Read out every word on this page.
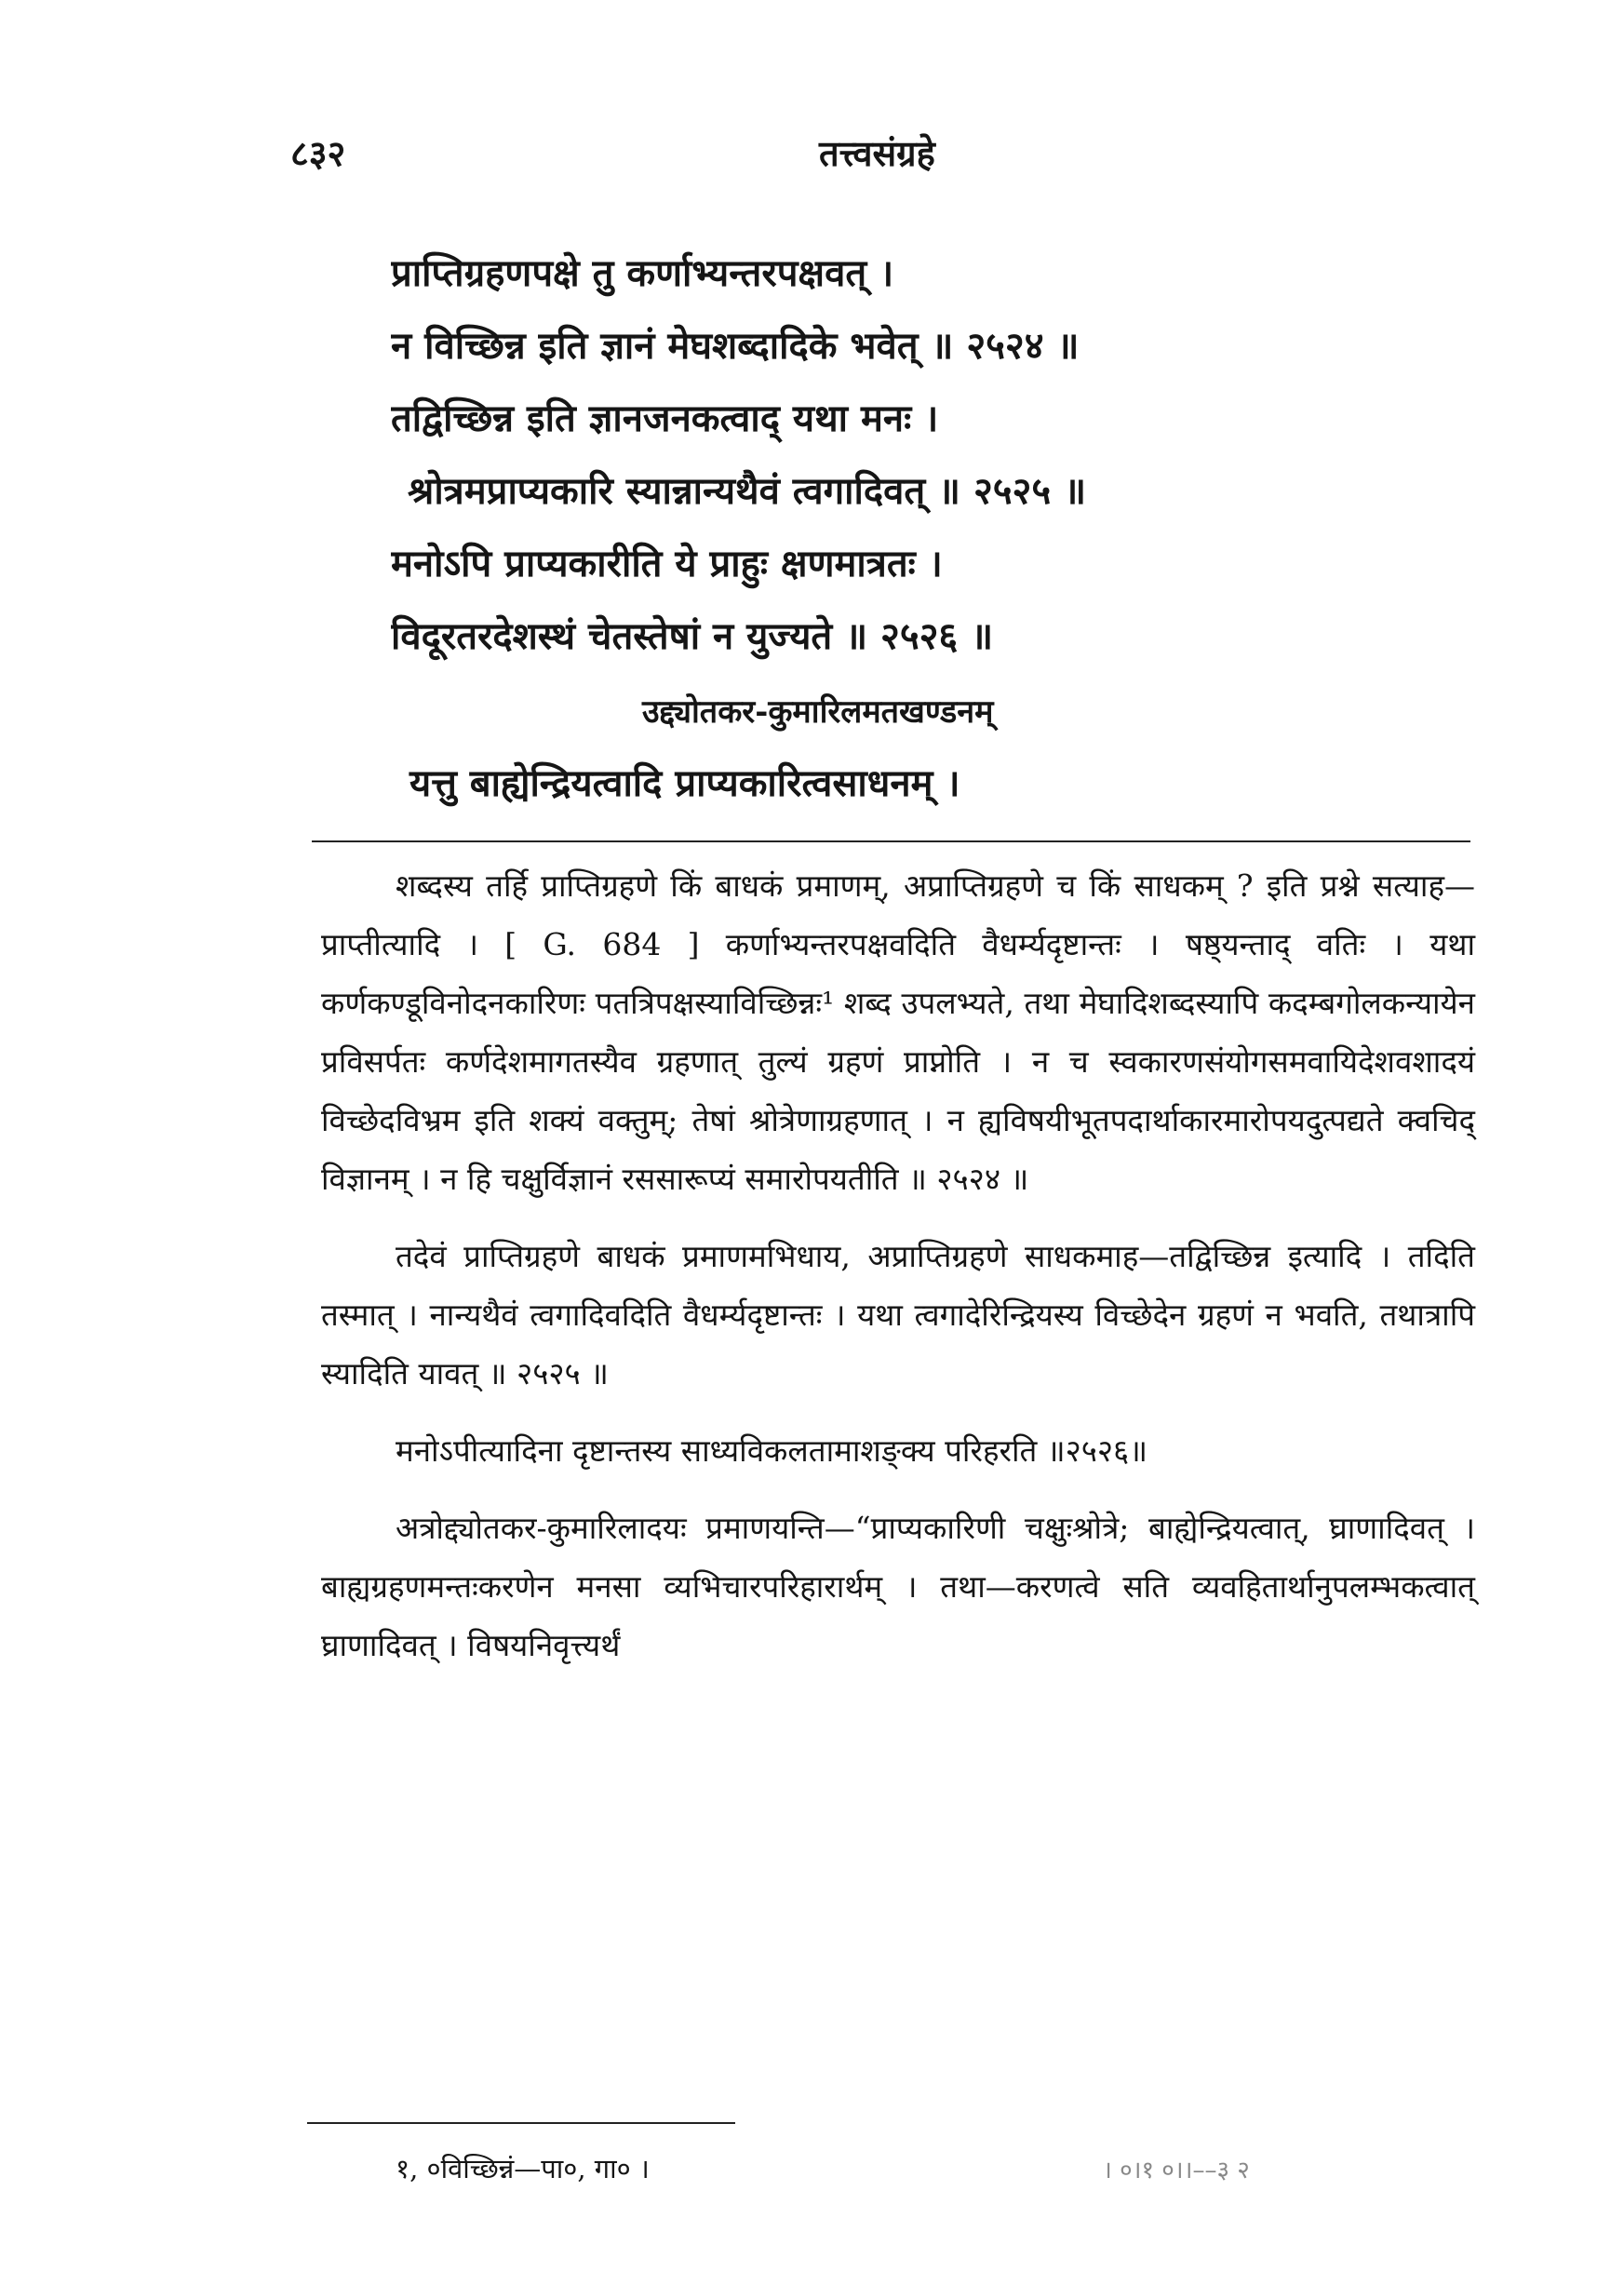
८३२	तत्त्वसंग्रहे
प्राप्तिग्रहणपक्षे तु कर्णाभ्यन्तरपक्षवत् ।
न विच्छिन्न इति ज्ञानं मेघशब्दादिके भवेत् ॥ २५२४ ॥
तद्विच्छिन्न इति ज्ञानजनकत्वाद् यथा मनः ।
श्रोत्रमप्राप्यकारि स्यान्नान्यथैवं त्वगादिवत् ॥ २५२५ ॥
मनोऽपि प्राप्यकारीति ये प्राहुः क्षणमात्रतः ।
विदूरतरदेशस्थं चेतस्तेषां न युज्यते ॥ २५२६ ॥
उद्द्योतकर-कुमारिलमतखण्डनम्
यत्तु बाह्येन्द्रियत्वादि प्राप्यकारित्वसाधनम् ।

शब्दस्य तर्हि प्राप्तिग्रहणे किं बाधकं प्रमाणम्, अप्राप्तिग्रहणे च किं साधकम् ? इति प्रश्ने सत्याह—प्राप्तीत्यादि । [ G. 684 ] कर्णाभ्यन्तरपक्षवदिति वैधर्म्यदृष्टान्तः । षष्ठ्यन्ताद् वतिः । यथा कर्णकण्डूविनोदनकारिणः पतत्रिपक्षस्याविच्छिन्नः¹ शब्द उपलभ्यते, तथा मेघादिशब्दस्यापि कदम्बगोलकन्यायेन प्रविसर्पतः कर्णदेशमागतस्यैव ग्रहणात् तुल्यं ग्रहणं प्राप्नोति । न च स्वकारणसंयोगसमवायिदेशवशादयं विच्छेदविभ्रम इति शक्यं वक्तुम्; तेषां श्रोत्रेणाग्रहणात् । न ह्यविषयीभूतपदार्थाकारमारोपयदुत्पद्यते क्वचिद् विज्ञानम् । न हि चक्षुर्विज्ञानं रससारूप्यं समारोपयतीति ॥ २५२४ ॥

तदेवं प्राप्तिग्रहणे बाधकं प्रमाणमभिधाय, अप्राप्तिग्रहणे साधकमाह—तद्विच्छिन्न इत्यादि । तदिति तस्मात् । नान्यथैवं त्वगादिवदिति वैधर्म्यदृष्टान्तः । यथा त्वगादेरिन्द्रियस्य विच्छेदेन ग्रहणं न भवति, तथात्रापि स्यादिति यावत् ॥ २५२५ ॥

मनोऽपीत्यादिना दृष्टान्तस्य साध्यविकलतामाशङ्क्य परिहरति ॥२५२६॥

अत्रोद्द्योतकर-कुमारिलादयः प्रमाणयन्ति—“प्राप्यकारिणी चक्षुःश्रोत्रे; बाह्येन्द्रियत्वात्, घ्राणादिवत् । बाह्यग्रहणमन्तःकरणेन मनसा व्यभिचारपरिहारार्थम् । तथा—करणत्वे सति व्यवहितार्थानुपलम्भकत्वात् घ्राणादिवत् । विषयनिवृत्त्यर्थं

१, ०विच्छिन्नं—पा०, गा० ।	। ०।१ ०।।––३ २
